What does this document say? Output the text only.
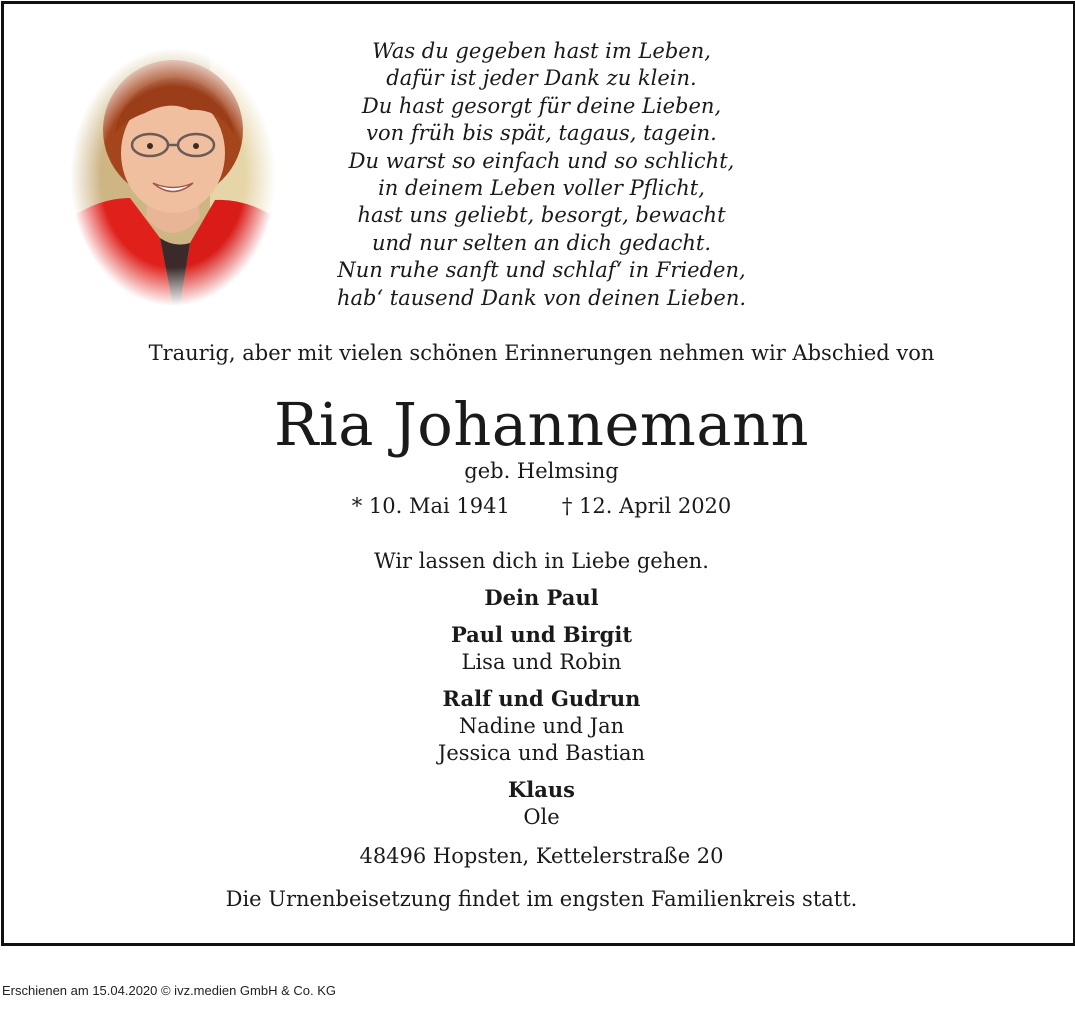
Was du gegeben hast im Leben,
dafür ist jeder Dank zu klein.
Du hast gesorgt für deine Lieben,
von früh bis spät, tagaus, tagein.
Du warst so einfach und so schlicht,
in deinem Leben voller Pflicht,
hast uns geliebt, besorgt, bewacht
und nur selten an dich gedacht.
Nun ruhe sanft und schlaf‘ in Frieden,
hab‘ tausend Dank von deinen Lieben.
Traurig, aber mit vielen schönen Erinnerungen nehmen wir Abschied von
Ria Johannemann
geb. Helmsing
* 10. Mai 1941 † 12. April 2020
Wir lassen dich in Liebe gehen.
Dein Paul
Paul und Birgit
Lisa und Robin
Ralf und Gudrun
Nadine und Jan
Jessica und Bastian
Klaus
Ole
48496 Hopsten, Kettelerstraße 20
Die Urnenbeisetzung findet im engsten Familienkreis statt.
Erschienen am 15.04.2020 © ivz.medien GmbH & Co. KG
